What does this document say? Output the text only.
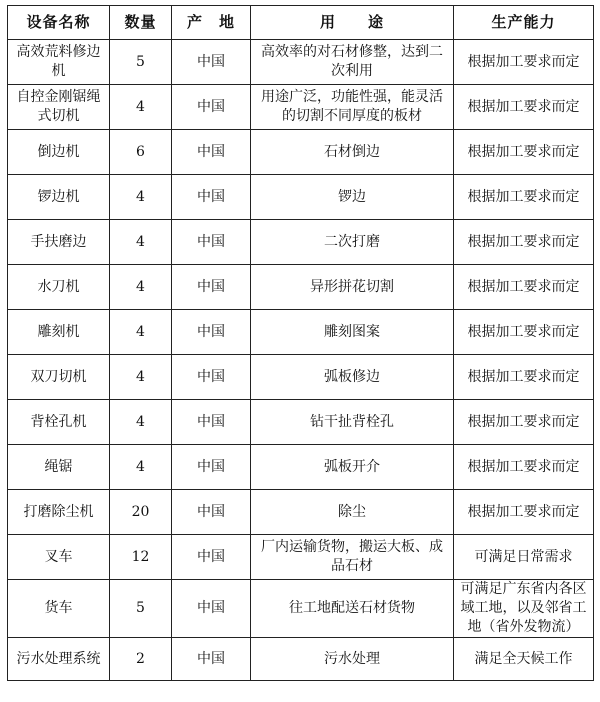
设备名称	数量	产　地	用　　途	生产能力
高效荒料修边机	5	中国	高效率的对石材修整，达到二次利用	根据加工要求而定
自控金刚锯绳式切机	4	中国	用途广泛，功能性强，能灵活的切割不同厚度的板材	根据加工要求而定
倒边机	6	中国	石材倒边	根据加工要求而定
锣边机	4	中国	锣边	根据加工要求而定
手扶磨边	4	中国	二次打磨	根据加工要求而定
水刀机	4	中国	异形拼花切割	根据加工要求而定
雕刻机	4	中国	雕刻图案	根据加工要求而定
双刀切机	4	中国	弧板修边	根据加工要求而定
背栓孔机	4	中国	钻干扯背栓孔	根据加工要求而定
绳锯	4	中国	弧板开介	根据加工要求而定
打磨除尘机	20	中国	除尘	根据加工要求而定
叉车	12	中国	厂内运输货物，搬运大板、成品石材	可满足日常需求
货车	5	中国	往工地配送石材货物	可满足广东省内各区域工地，以及邻省工地（省外发物流）
污水处理系统	2	中国	污水处理	满足全天候工作
